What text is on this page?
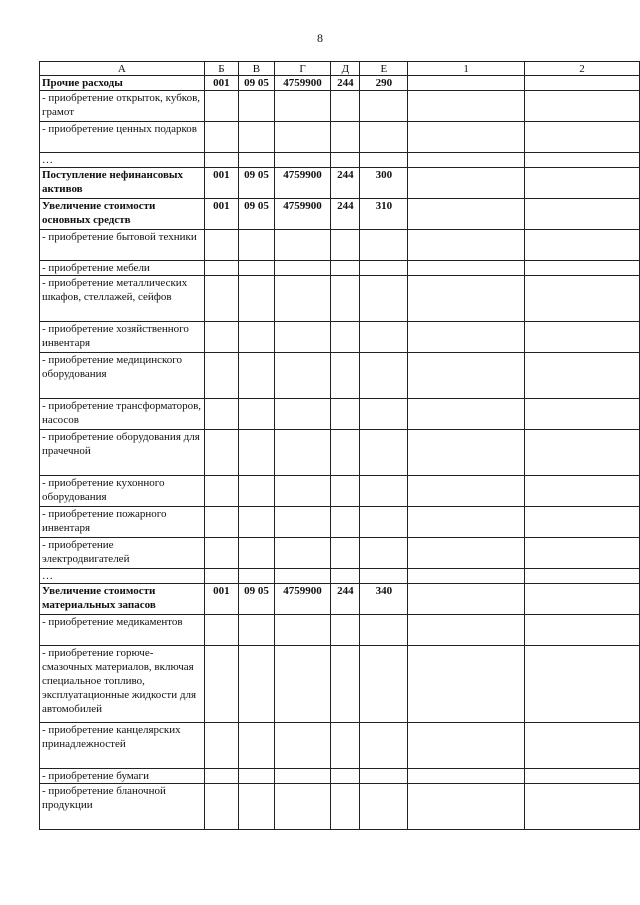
8
А	Б	В	Г	Д	Е	1	2
Прочие расходы	001	09 05	4759900	244	290		
- приобретение открыток, кубков, грамот							
- приобретение ценных подарков							
…							
Поступление нефинансовых активов	001	09 05	4759900	244	300		
Увеличение стоимости основных средств	001	09 05	4759900	244	310		
- приобретение бытовой техники							
- приобретение мебели							
- приобретение металлических шкафов, стеллажей, сейфов							
- приобретение хозяйственного инвентаря							
- приобретение медицинского оборудования							
- приобретение трансформаторов, насосов							
- приобретение оборудования для прачечной							
- приобретение кухонного оборудования							
- приобретение пожарного инвентаря							
- приобретение электродвигателей							
…							
Увеличение стоимости материальных запасов	001	09 05	4759900	244	340		
- приобретение медикаментов							
- приобретение горюче-смазочных материалов, включая специальное топливо, эксплуатационные жидкости для автомобилей							
- приобретение канцелярских принадлежностей							
- приобретение бумаги							
- приобретение бланочной продукции							
